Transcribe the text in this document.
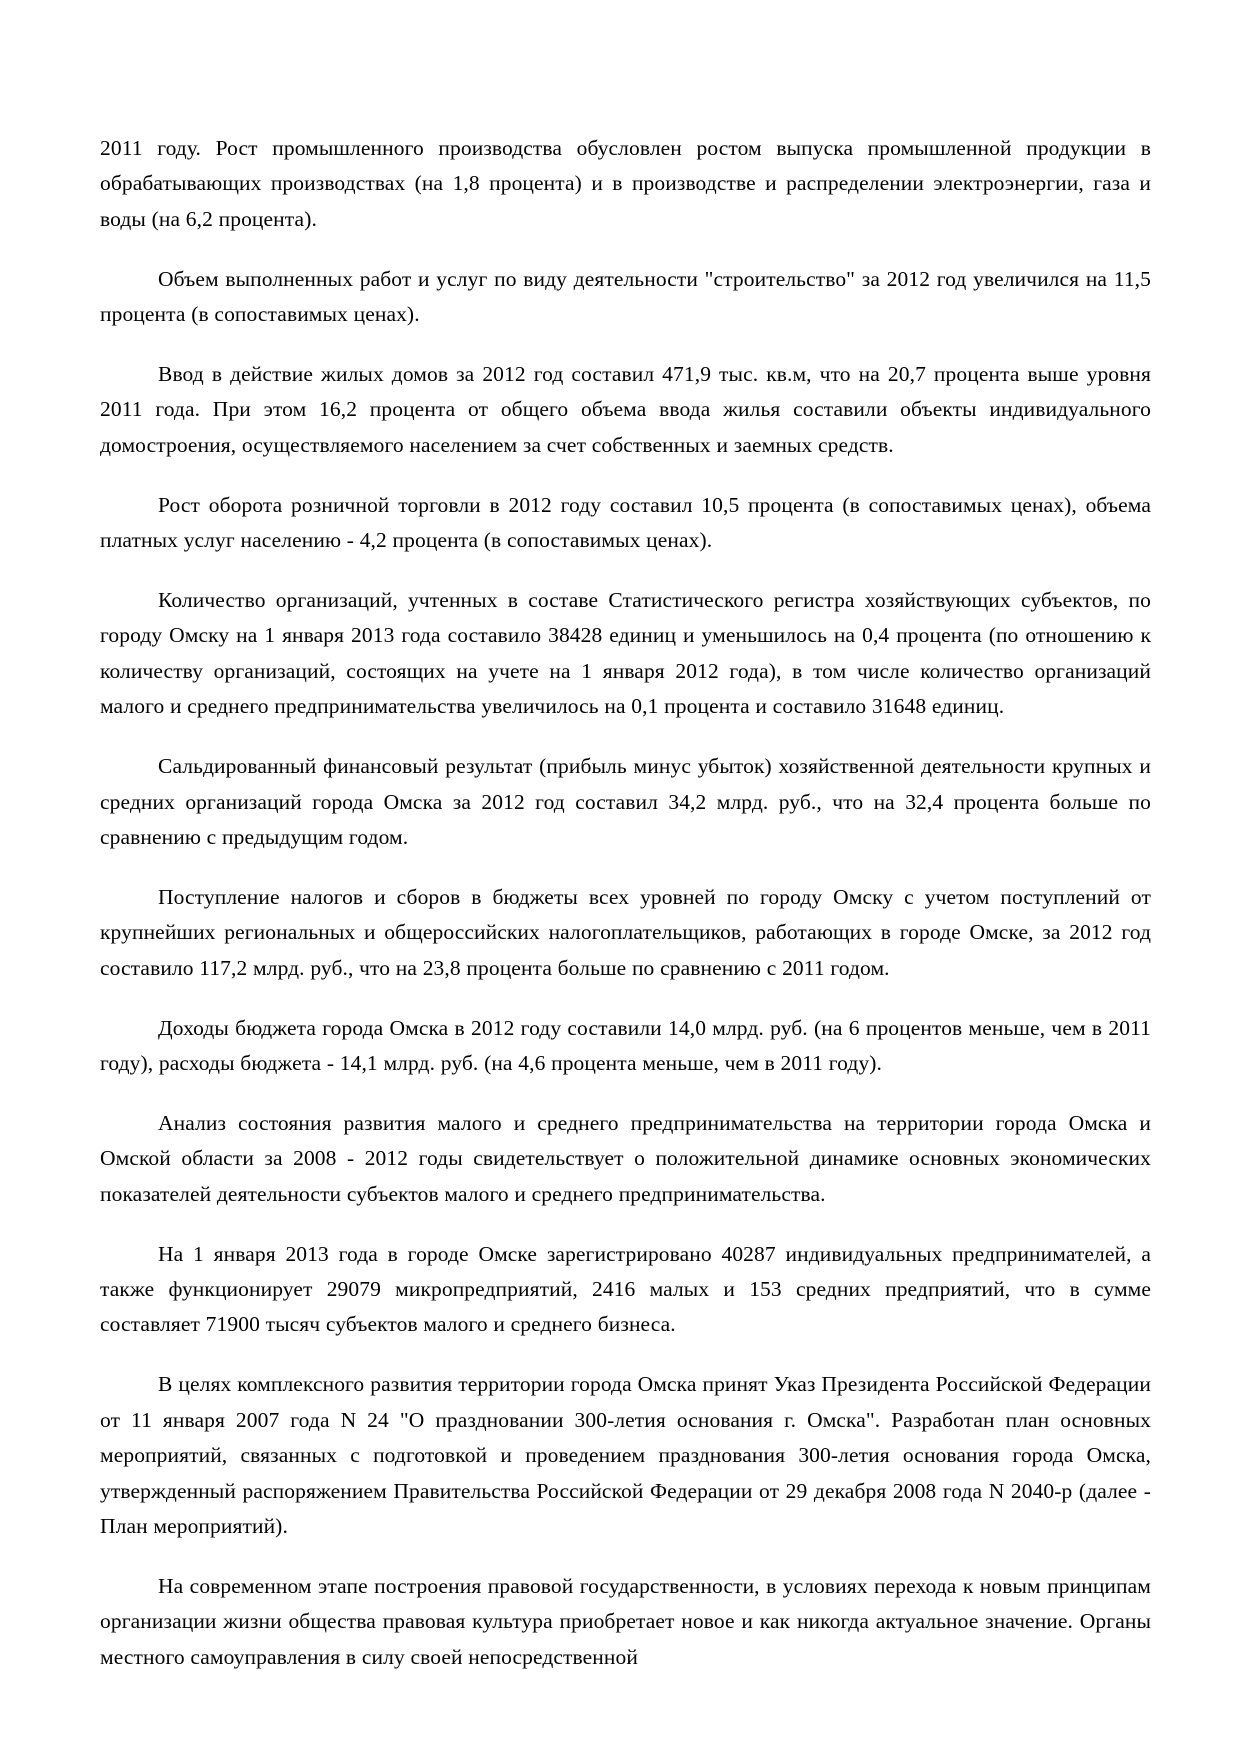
2011 году. Рост промышленного производства обусловлен ростом выпуска промышленной продукции в обрабатывающих производствах (на 1,8 процента) и в производстве и распределении электроэнергии, газа и воды (на 6,2 процента).

Объем выполненных работ и услуг по виду деятельности "строительство" за 2012 год увеличился на 11,5 процента (в сопоставимых ценах).

Ввод в действие жилых домов за 2012 год составил 471,9 тыс. кв.м, что на 20,7 процента выше уровня 2011 года. При этом 16,2 процента от общего объема ввода жилья составили объекты индивидуального домостроения, осуществляемого населением за счет собственных и заемных средств.

Рост оборота розничной торговли в 2012 году составил 10,5 процента (в сопоставимых ценах), объема платных услуг населению - 4,2 процента (в сопоставимых ценах).

Количество организаций, учтенных в составе Статистического регистра хозяйствующих субъектов, по городу Омску на 1 января 2013 года составило 38428 единиц и уменьшилось на 0,4 процента (по отношению к количеству организаций, состоящих на учете на 1 января 2012 года), в том числе количество организаций малого и среднего предпринимательства увеличилось на 0,1 процента и составило 31648 единиц.

Сальдированный финансовый результат (прибыль минус убыток) хозяйственной деятельности крупных и средних организаций города Омска за 2012 год составил 34,2 млрд. руб., что на 32,4 процента больше по сравнению с предыдущим годом.

Поступление налогов и сборов в бюджеты всех уровней по городу Омску с учетом поступлений от крупнейших региональных и общероссийских налогоплательщиков, работающих в городе Омске, за 2012 год составило 117,2 млрд. руб., что на 23,8 процента больше по сравнению с 2011 годом.

Доходы бюджета города Омска в 2012 году составили 14,0 млрд. руб. (на 6 процентов меньше, чем в 2011 году), расходы бюджета - 14,1 млрд. руб. (на 4,6 процента меньше, чем в 2011 году).

Анализ состояния развития малого и среднего предпринимательства на территории города Омска и Омской области за 2008 - 2012 годы свидетельствует о положительной динамике основных экономических показателей деятельности субъектов малого и среднего предпринимательства.

На 1 января 2013 года в городе Омске зарегистрировано 40287 индивидуальных предпринимателей, а также функционирует 29079 микропредприятий, 2416 малых и 153 средних предприятий, что в сумме составляет 71900 тысяч субъектов малого и среднего бизнеса.

В целях комплексного развития территории города Омска принят Указ Президента Российской Федерации от 11 января 2007 года N 24 "О праздновании 300-летия основания г. Омска". Разработан план основных мероприятий, связанных с подготовкой и проведением празднования 300-летия основания города Омска, утвержденный распоряжением Правительства Российской Федерации от 29 декабря 2008 года N 2040-р (далее - План мероприятий).

На современном этапе построения правовой государственности, в условиях перехода к новым принципам организации жизни общества правовая культура приобретает новое и как никогда актуальное значение. Органы местного самоуправления в силу своей непосредственной
